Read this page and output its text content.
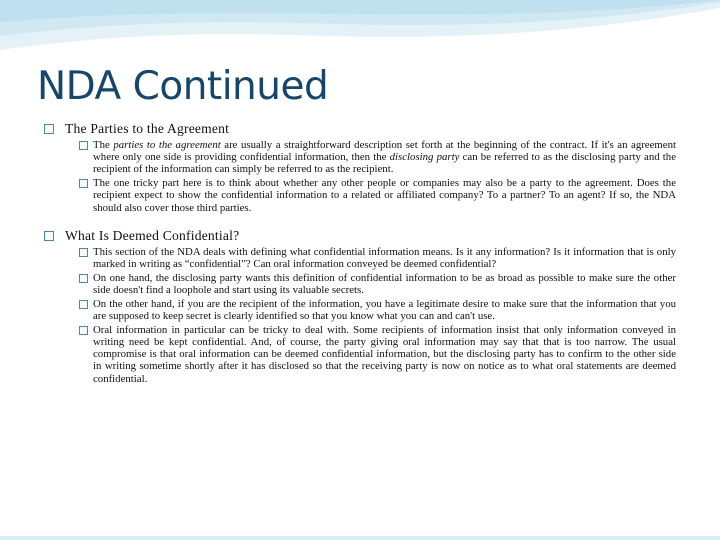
NDA Continued
The Parties to the Agreement
The parties to the agreement are usually a straightforward description set forth at the beginning of the contract. If it's an agreement where only one side is providing confidential information, then the disclosing party can be referred to as the disclosing party and the recipient of the information can simply be referred to as the recipient.
The one tricky part here is to think about whether any other people or companies may also be a party to the agreement. Does the recipient expect to show the confidential information to a related or affiliated company? To a partner? To an agent? If so, the NDA should also cover those third parties.
What Is Deemed Confidential?
This section of the NDA deals with defining what confidential information means. Is it any information? Is it information that is only marked in writing as “confidential”? Can oral information conveyed be deemed confidential?
On one hand, the disclosing party wants this definition of confidential information to be as broad as possible to make sure the other side doesn't find a loophole and start using its valuable secrets.
On the other hand, if you are the recipient of the information, you have a legitimate desire to make sure that the information that you are supposed to keep secret is clearly identified so that you know what you can and can't use.
Oral information in particular can be tricky to deal with. Some recipients of information insist that only information conveyed in writing need be kept confidential. And, of course, the party giving oral information may say that that is too narrow. The usual compromise is that oral information can be deemed confidential information, but the disclosing party has to confirm to the other side in writing sometime shortly after it has disclosed so that the receiving party is now on notice as to what oral statements are deemed confidential.
